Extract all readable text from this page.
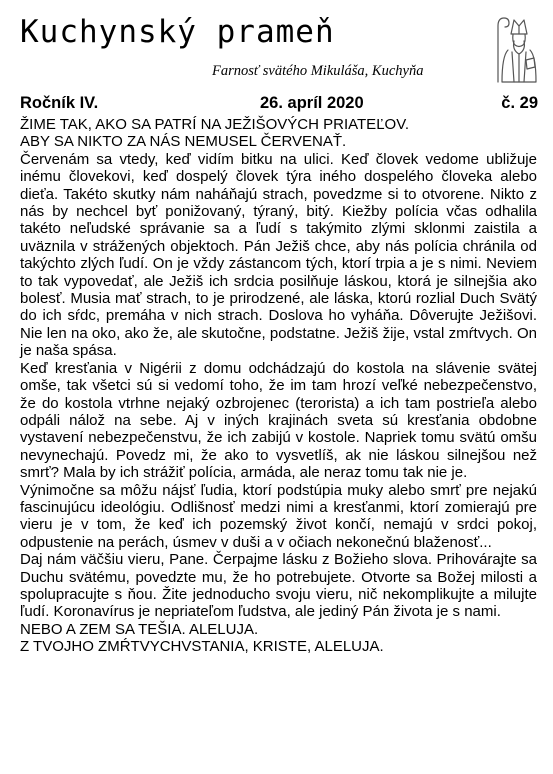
Kuchynský prameň
Farnosť svätého Mikuláša, Kuchyňa
Ročník IV.	26. apríl 2020	č. 29
ŽIME TAK, AKO SA PATRÍ NA JEŽIŠOVÝCH PRIATEĽOV.
ABY SA NIKTO ZA NÁS NEMUSEL ČERVENAŤ.
Červenám sa vtedy, keď vidím bitku na ulici. Keď človek vedome ubližuje inému človekovi, keď dospelý človek týra iného dospelého človeka alebo dieťa. Takéto skutky nám naháňajú strach, povedzme si to otvorene. Nikto z nás by nechcel byť ponižovaný, týraný, bitý. Kiežby polícia včas odhalila takéto neľudské správanie sa a ľudí s takýmito zlými sklonmi zaistila a uväznila v strážených objektoch. Pán Ježiš chce, aby nás polícia chránila od takýchto zlých ľudí. On je vždy zástancom tých, ktorí trpia a je s nimi. Neviem to tak vypovedať, ale Ježiš ich srdcia posilňuje láskou, ktorá je silnejšia ako bolesť. Musia mať strach, to je prirodzené, ale láska, ktorú rozlial Duch Svätý do ich sŕdc, premáha v nich strach. Doslova ho vyháňa. Dôverujte Ježišovi. Nie len na oko, ako že, ale skutočne, podstatne. Ježiš žije, vstal zmŕtvych. On je naša spása.
Keď kresťania v Nigérii z domu odchádzajú do kostola na slávenie svätej omše, tak všetci sú si vedomí toho, že im tam hrozí veľké nebezpečenstvo, že do kostola vtrhne nejaký ozbrojenec (terorista) a ich tam postrieľa alebo odpáli nálož na sebe. Aj v iných krajinách sveta sú kresťania obdobne vystavení nebezpečenstvu, že ich zabijú v kostole. Napriek tomu svätú omšu nevynechajú. Povedz mi, že ako to vysvetlíš, ak nie láskou silnejšou než smrť? Mala by ich strážiť polícia, armáda, ale neraz tomu tak nie je.
Výnimočne sa môžu nájsť ľudia, ktorí podstúpia muky alebo smrť pre nejakú fascinujúcu ideológiu. Odlišnosť medzi nimi a kresťanmi, ktorí zomierajú pre vieru je v tom, že keď ich pozemský život končí, nemajú v srdci pokoj, odpustenie na perách, úsmev v duši a v očiach nekonečnú blaženosť...
Daj nám väčšiu vieru, Pane. Čerpajme lásku z Božieho slova. Prihovárajte sa Duchu svätému, povedzte mu, že ho potrebujete. Otvorte sa Božej milosti a spolupracujte s ňou. Žite jednoducho svoju vieru, nič nekomplikujte a milujte ľudí. Koronavírus je nepriateľom ľudstva, ale jediný Pán života je s nami.
NEBO A ZEM SA TEŠIA. ALELUJA.
Z TVOJHO ZMŔTVYCHVSTANIA, KRISTE, ALELUJA.
